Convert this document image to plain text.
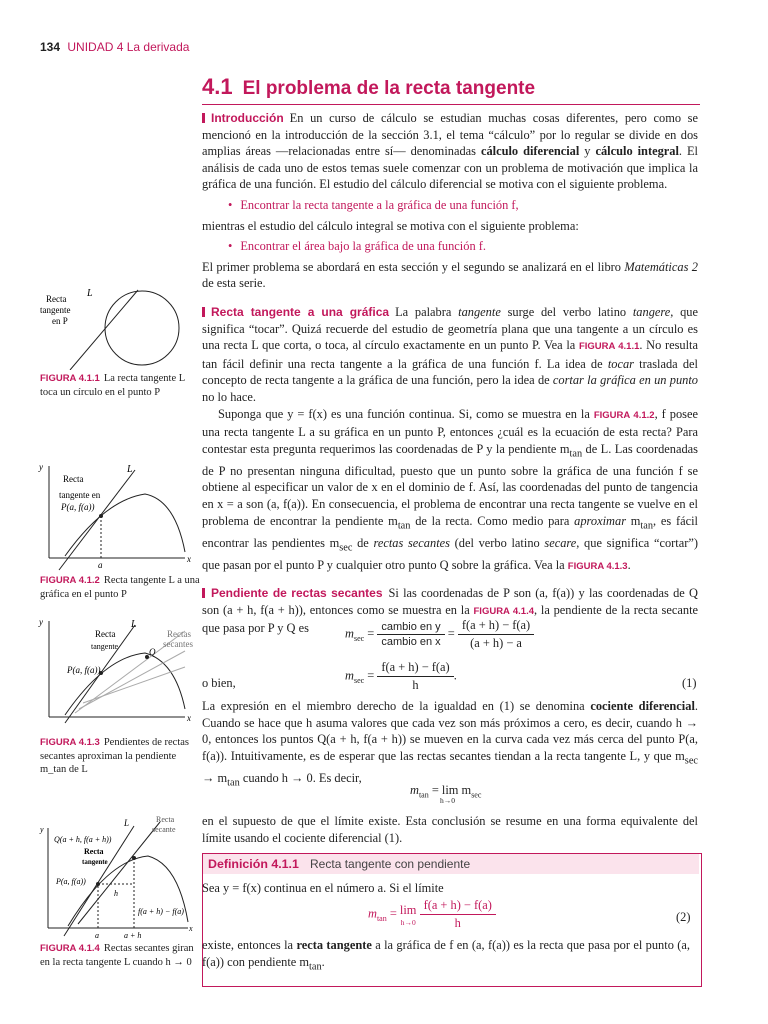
134 UNIDAD 4 La derivada
4.1 El problema de la recta tangente

Introducción En un curso de cálculo se estudian muchas cosas diferentes, pero como se mencionó en la introducción de la sección 3.1, el tema “cálculo” por lo regular se divide en dos amplias áreas —relacionadas entre sí— denominadas cálculo diferencial y cálculo integral. El análisis de cada uno de estos temas suele comenzar con un problema de motivación que implica la gráfica de una función. El estudio del cálculo diferencial se motiva con el siguiente problema.

• Encontrar la recta tangente a la gráfica de una función f,

mientras el estudio del cálculo integral se motiva con el siguiente problema:

• Encontrar el área bajo la gráfica de una función f.

El primer problema se abordará en esta sección y el segundo se analizará en el libro Matemáticas 2 de esta serie.

Recta tangente a una gráfica La palabra tangente surge del verbo latino tangere, que significa “tocar”. Quizá recuerde del estudio de geometría plana que una tangente a un círculo es una recta L que corta, o toca, al círculo exactamente en un punto P. Vea la FIGURA 4.1.1. No resulta tan fácil definir una recta tangente a la gráfica de una función f. La idea de tocar traslada del concepto de recta tangente a la gráfica de una función, pero la idea de cortar la gráfica en un punto no lo hace.

Suponga que y = f(x) es una función continua. Si, como se muestra en la FIGURA 4.1.2, f posee una recta tangente L a su gráfica en un punto P, entonces ¿cuál es la ecuación de esta recta? Para contestar esta pregunta requerimos las coordenadas de P y la pendiente $m_{tan}$ de L. Las coordenadas de P no presentan ninguna dificultad, puesto que un punto sobre la gráfica de una función f se obtiene al especificar un valor de x en el dominio de f. Así, las coordenadas del punto de tangencia en x = a son (a, f(a)). En consecuencia, el problema de encontrar una recta tangente se vuelve en el problema de encontrar la pendiente $m_{tan}$ de la recta. Como medio para aproximar $m_{tan}$, es fácil encontrar las pendientes $m_{sec}$ de rectas secantes (del verbo latino secare, que significa “cortar”) que pasan por el punto P y cualquier otro punto Q sobre la gráfica. Vea la FIGURA 4.1.3.

Pendiente de rectas secantes Si las coordenadas de P son (a, f(a)) y las coordenadas de Q son (a + h, f(a + h)), entonces como se muestra en la FIGURA 4.1.4, la pendiente de la recta secante que pasa por P y Q es	$m_{sec} = \frac{\text{cambio en y}}{\text{cambio en x}} = \frac{f(a + h) - f(a)}{(a + h) - a}$
o bien,
$m_{sec} = \frac{f(a + h) - f(a)}{h}$ .
(1)

La expresión en el miembro derecho de la igualdad en (1) se denomina cociente diferencial. Cuando se hace que h asuma valores que cada vez son más próximos a cero, es decir, cuando h → 0, entonces los puntos Q(a + h, f(a + h)) se mueven en la curva cada vez más cerca del punto P(a, f(a)). Intuitivamente, es de esperar que las rectas secantes tiendan a la recta tangente L, y que $m_{sec} \to m_{tan}$ cuando h → 0. Es decir,

$m_{tan} = \lim m_{sec}$
h→0

en el supuesto de que el límite existe. Esta conclusión se resume en una forma equivalente del límite usando el cociente diferencial (1).

Definición 4.1.1 Recta tangente con pendiente
Sea y = f(x) continua en el número a. Si el límite
$m_{tan} = \lim$
h→0
$\frac{f(a + h) - f(a)}{h}$	(2)
existe, entonces la recta tangente a la gráfica de f en (a, f(a)) es la recta que pasa por el punto (a, f(a)) con pendiente $m_{tan}$.
Recta
tangente
en P
L
FIGURA 4.1.1 La recta tangente L toca un círculo en el punto P
y
x
L
Recta
tangente en
P(a, f(a))
a
FIGURA 4.1.2 Recta tangente L a una gráfica en el punto P
y
x
L
Recta
tangente
Rectas
secantes
Q
P(a, f(a))
FIGURA 4.1.3 Pendientes de rectas secantes aproximan la pendiente m_tan de L
y
x
L
Q(a + h, f(a + h))
Recta
tangente
Recta
secante
P(a, f(a))
h
f(a + h) − f(a)
a	a + h
FIGURA 4.1.4 Rectas secantes giran en la recta tangente L cuando h → 0
